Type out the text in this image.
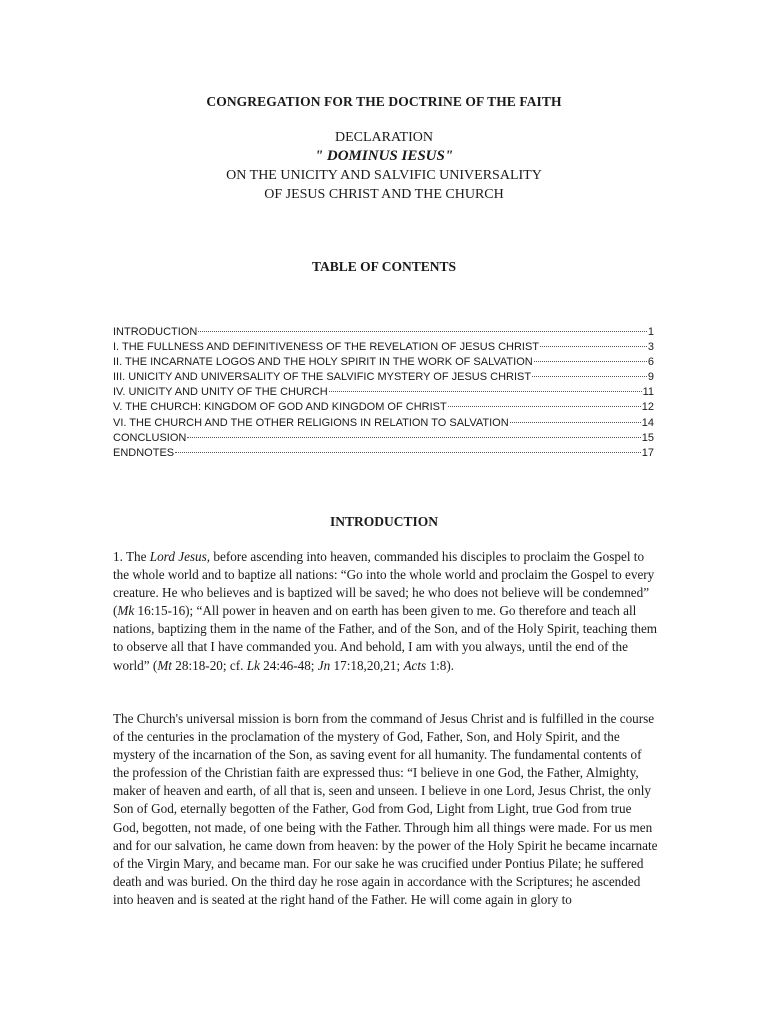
CONGREGATION FOR THE DOCTRINE OF THE FAITH
DECLARATION
" DOMINUS IESUS"
ON THE UNICITY AND SALVIFIC UNIVERSALITY
OF JESUS CHRIST AND THE CHURCH
TABLE OF CONTENTS
INTRODUCTION	1
I. THE FULLNESS AND DEFINITIVENESS OF THE REVELATION OF JESUS CHRIST	3
II. THE INCARNATE LOGOS AND THE HOLY SPIRIT IN THE WORK OF SALVATION	6
III. UNICITY AND UNIVERSALITY OF THE SALVIFIC MYSTERY OF JESUS CHRIST	9
IV. UNICITY AND UNITY OF THE CHURCH	11
V. THE CHURCH: KINGDOM OF GOD AND KINGDOM OF CHRIST	12
VI. THE CHURCH AND THE OTHER RELIGIONS IN RELATION TO SALVATION	14
CONCLUSION	15
ENDNOTES	17
INTRODUCTION

1. The Lord Jesus, before ascending into heaven, commanded his disciples to proclaim the Gospel to the whole world and to baptize all nations: “Go into the whole world and proclaim the Gospel to every creature. He who believes and is baptized will be saved; he who does not believe will be condemned” (Mk 16:15-16); “All power in heaven and on earth has been given to me. Go therefore and teach all nations, baptizing them in the name of the Father, and of the Son, and of the Holy Spirit, teaching them to observe all that I have commanded you. And behold, I am with you always, until the end of the world” (Mt 28:18-20; cf. Lk 24:46-48; Jn 17:18,20,21; Acts 1:8).

The Church's universal mission is born from the command of Jesus Christ and is fulfilled in the course of the centuries in the proclamation of the mystery of God, Father, Son, and Holy Spirit, and the mystery of the incarnation of the Son, as saving event for all humanity. The fundamental contents of the profession of the Christian faith are expressed thus: “I believe in one God, the Father, Almighty, maker of heaven and earth, of all that is, seen and unseen. I believe in one Lord, Jesus Christ, the only Son of God, eternally begotten of the Father, God from God, Light from Light, true God from true God, begotten, not made, of one being with the Father. Through him all things were made. For us men and for our salvation, he came down from heaven: by the power of the Holy Spirit he became incarnate of the Virgin Mary, and became man. For our sake he was crucified under Pontius Pilate; he suffered death and was buried. On the third day he rose again in accordance with the Scriptures; he ascended into heaven and is seated at the right hand of the Father. He will come again in glory to
